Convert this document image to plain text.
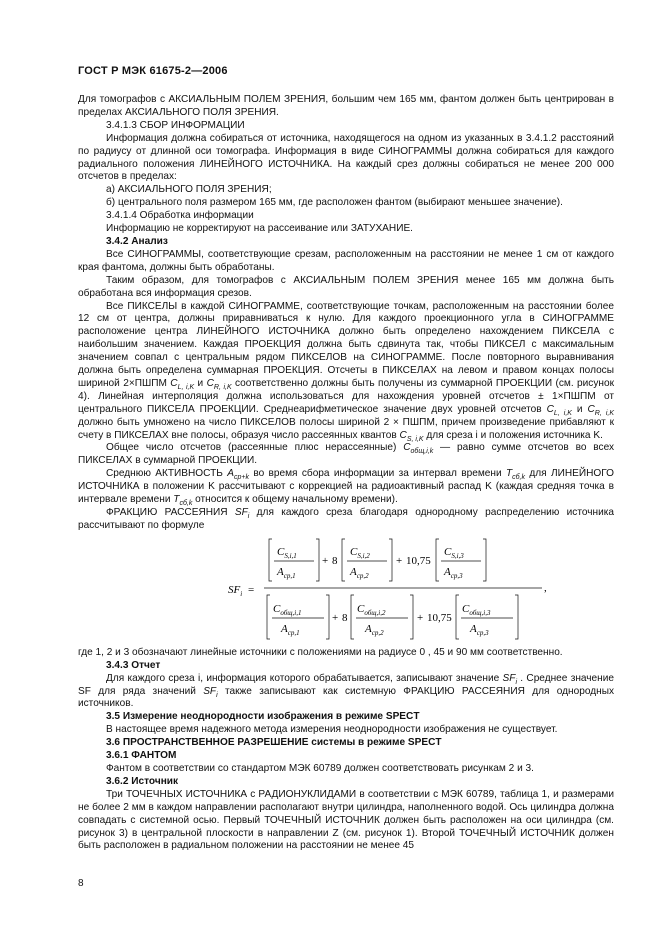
ГОСТ Р МЭК 61675-2—2006

Для томографов с АКСИАЛЬНЫМ ПОЛЕМ ЗРЕНИЯ, большим чем 165 мм, фантом должен быть центрирован в пределах АКСИАЛЬНОГО ПОЛЯ ЗРЕНИЯ.

3.4.1.3 СБОР ИНФОРМАЦИИ

Информация должна собираться от источника, находящегося на одном из указанных в 3.4.1.2 расстояний по радиусу от длинной оси томографа. Информация в виде СИНОГРАММЫ должна собираться для каждого радиального положения ЛИНЕЙНОГО ИСТОЧНИКА. На каждый срез должны собираться не менее 200 000 отсчетов в пределах:

а) АКСИАЛЬНОГО ПОЛЯ ЗРЕНИЯ;

б) центрального поля размером 165 мм, где расположен фантом (выбирают меньшее значение).

3.4.1.4 Обработка информации

Информацию не корректируют на рассеивание или ЗАТУХАНИЕ.

3.4.2 Анализ

Все СИНОГРАММЫ, соответствующие срезам, расположенным на расстоянии не менее 1 см от каждого края фантома, должны быть обработаны.

Таким образом, для томографов с АКСИАЛЬНЫМ ПОЛЕМ ЗРЕНИЯ менее 165 мм должна быть обработана вся информация срезов.

Все ПИКСЕЛЫ в каждой СИНОГРАММЕ, соответствующие точкам, расположенным на расстоянии более 12 см от центра, должны приравниваться к нулю. Для каждого проекционного угла в СИНОГРАММЕ расположение центра ЛИНЕЙНОГО ИСТОЧНИКА должно быть определено нахождением ПИКСЕЛА с наибольшим значением. Каждая ПРОЕКЦИЯ должна быть сдвинута так, чтобы ПИКСЕЛ с максимальным значением совпал с центральным рядом ПИКСЕЛОВ на СИНОГРАММЕ. После повторного выравнивания должна быть определена суммарная ПРОЕКЦИЯ. Отсчеты в ПИКСЕЛАХ на левом и правом концах полосы шириной 2×ПШПМ $C_{L, i,K}$ и $C_{R, i,K}$ соответственно должны быть получены из суммарной ПРОЕКЦИИ (см. рисунок 4). Линейная интерполяция должна использоваться для нахождения уровней отсчетов ± 1×ПШПМ от центрального ПИКСЕЛА ПРОЕКЦИИ. Среднеарифметическое значение двух уровней отсчетов $C_{L, i,K}$ и $C_{R, i,K}$ должно быть умножено на число ПИКСЕЛОВ полосы шириной 2 × ПШПМ, причем произведение прибавляют к счету в ПИКСЕЛАХ вне полосы, образуя число рассеянных квантов $C_{S, i,K}$ для среза i и положения источника K.

Общее число отсчетов (рассеянные плюс нерассеянные) $C_{общ,i,k}$ — равно сумме отсчетов во всех ПИКСЕЛАХ в суммарной ПРОЕКЦИИ.

Среднюю АКТИВНОСТЬ $A_{ср+k}$ во время сбора информации за интервал времени $T_{сб,k}$ для ЛИНЕЙНОГО ИСТОЧНИКА в положении K рассчитывают с коррекцией на радиоактивный распад K (каждая средняя точка в интервале времени $T_{сб,k}$ относится к общему начальному времени).

ФРАКЦИЮ РАССЕЯНИЯ $SF_i$ для каждого среза благодаря однородному распределению источника рассчитывают по формуле

$SF_i$ =	,
$C_{S,i,1}$
$A_{ср,1}$
+ 8
$C_{S,i,2}$
$A_{ср,2}$
+ 10,75
$C_{S,i,3}$
$A_{ср,3}$
$C_{общ,i,1}$
$A_{ср,1}$
+ 8
$C_{общ,i,2}$
$A_{ср,2}$
+ 10,75
$C_{общ,i,3}$
$A_{ср,3}$

где 1, 2 и 3 обозначают линейные источники с положениями на радиусе 0 , 45 и 90 мм соответственно.

3.4.3 Отчет

Для каждого среза i, информация которого обрабатывается, записывают значение $SF_i$ . Среднее значение SF для ряда значений $SF_i$ также записывают как системную ФРАКЦИЮ РАССЕЯНИЯ для однородных источников.

3.5 Измерение неоднородности изображения в режиме SPECT

В настоящее время надежного метода измерения неоднородности изображения не существует.

3.6 ПРОСТРАНСТВЕННОЕ РАЗРЕШЕНИЕ системы в режиме SPECT

3.6.1 ФАНТОМ

Фантом в соответствии со стандартом МЭК 60789 должен соответствовать рисункам 2 и 3.

3.6.2 Источник

Три ТОЧЕЧНЫХ ИСТОЧНИКА с РАДИОНУКЛИДАМИ в соответствии с МЭК 60789, таблица 1, и размерами не более 2 мм в каждом направлении располагают внутри цилиндра, наполненного водой. Ось цилиндра должна совпадать с системной осью. Первый ТОЧЕЧНЫЙ ИСТОЧНИК должен быть расположен на оси цилиндра (см. рисунок 3) в центральной плоскости в направлении Z (см. рисунок 1). Второй ТОЧЕЧНЫЙ ИСТОЧНИК должен быть расположен в радиальном положении на расстоянии не менее 45

8
